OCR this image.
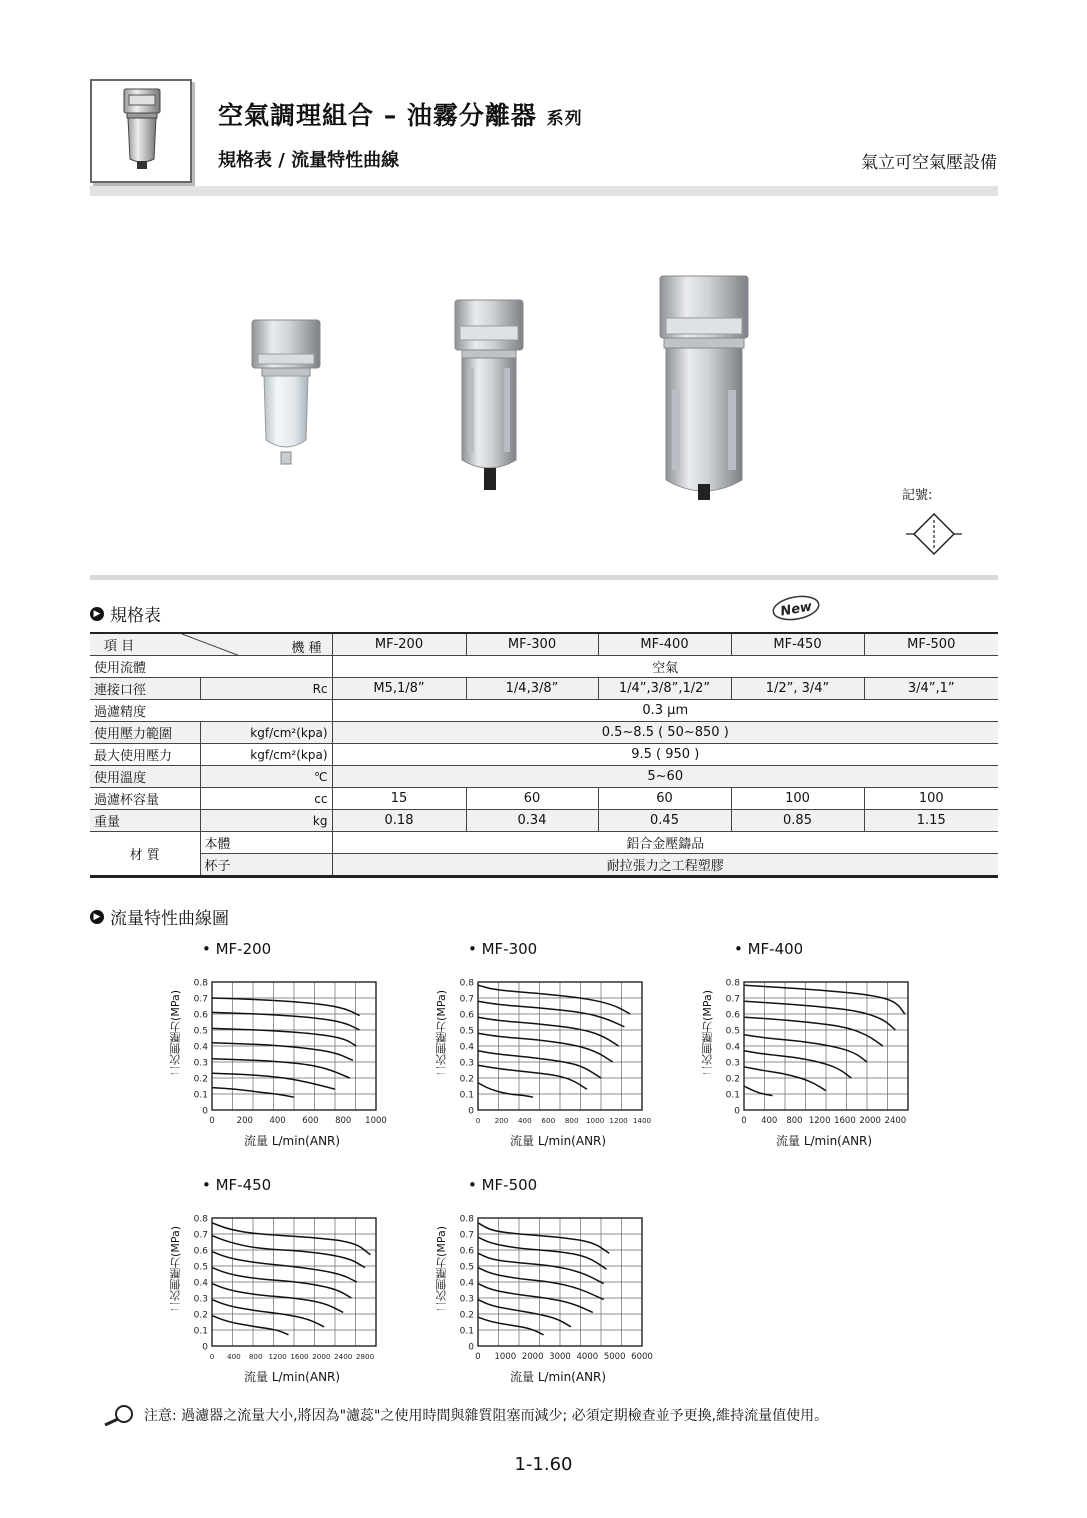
空氣調理組合 – 油霧分離器 系列
規格表 / 流量特性曲線	氣立可空氣壓設備
記號:
▶ 規格表	New
項 目 機 種		MF-200	MF-300	MF-400	MF-450	MF-500
使用流體		空氣				
連接口徑	Rc	M5,1/8”	1/4,3/8”	1/4”,3/8”,1/2”	1/2”, 3/4”	3/4”,1”
過濾精度		0.3 μm				
使用壓力範圍	kgf/cm²(kpa)	0.5~8.5 ( 50~850 )				
最大使用壓力	kgf/cm²(kpa)	9.5 ( 950 )				
使用溫度	℃	5~60				
過濾杯容量	cc	15	60	60	100	100
重量	kg	0.18	0.34	0.45	0.85	1.15
材 質	本體	鋁合金壓鑄品				
	杯子	耐拉張力之工程塑膠				
▶ 流量特性曲線圖
• MF-200
二次側壓力(MPa)
流量 L/min(ANR)
0
0.1
0.2
0.3
0.4
0.5
0.6
0.7
0.8
0	200 400 600 800 1000
• MF-300
二次側壓力(MPa)
流量 L/min(ANR)
0
0.1
0.2
0.3
0.4
0.5
0.6
0.7
0.8
0 200 400 600 800 1000 1200 1400
• MF-400
二次側壓力(MPa)
流量 L/min(ANR)
0
0.1
0.2
0.3
0.4
0.5
0.6
0.7
0.8
0 400 800 1200 1600 2000 2400
• MF-450
二次側壓力(MPa)
流量 L/min(ANR)
0
0.1
0.2
0.3
0.4
0.5
0.6
0.7
0.8
0 400 800 1200 1600 2000 2400 2800
• MF-500
二次側壓力(MPa)
流量 L/min(ANR)
0
0.1
0.2
0.3
0.4
0.5
0.6
0.7
0.8
0 1000 2000 3000 4000 5000 6000
注意: 過濾器之流量大小,將因為"濾蕊"之使用時間與雜質阻塞而減少; 必須定期檢查並予更換,維持流量值使用。
1-1.60
